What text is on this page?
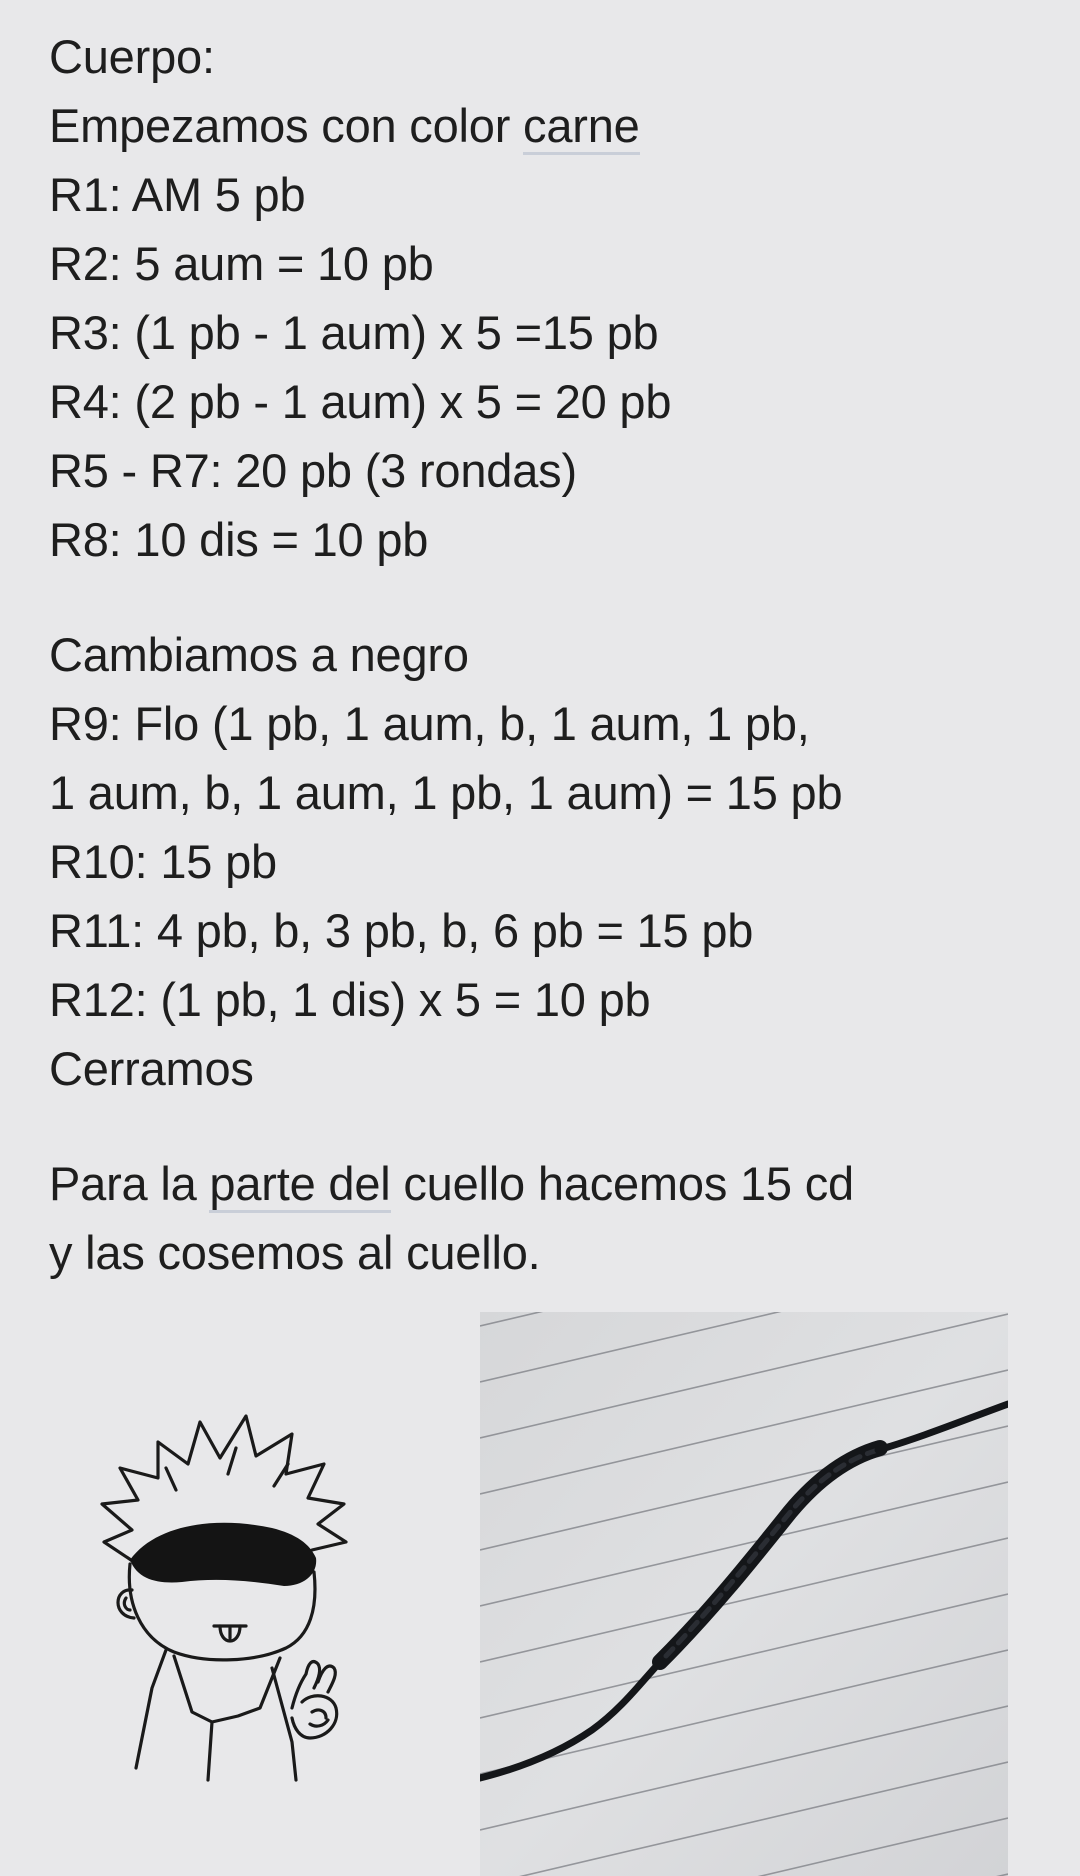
Cuerpo:
Empezamos con color carne
R1: AM 5 pb
R2: 5 aum = 10 pb
R3: (1 pb - 1 aum) x 5 =15 pb
R4: (2 pb - 1 aum) x 5 = 20 pb
R5 - R7: 20 pb (3 rondas)
R8: 10 dis = 10 pb
Cambiamos a negro
R9: Flo (1 pb, 1 aum, b, 1 aum, 1 pb,
1 aum, b, 1 aum, 1 pb, 1 aum) = 15 pb
R10: 15 pb
R11: 4 pb, b, 3 pb, b, 6 pb = 15 pb
R12: (1 pb, 1 dis) x 5 = 10 pb
Cerramos
Para la parte del cuello hacemos 15 cd
y las cosemos al cuello.
